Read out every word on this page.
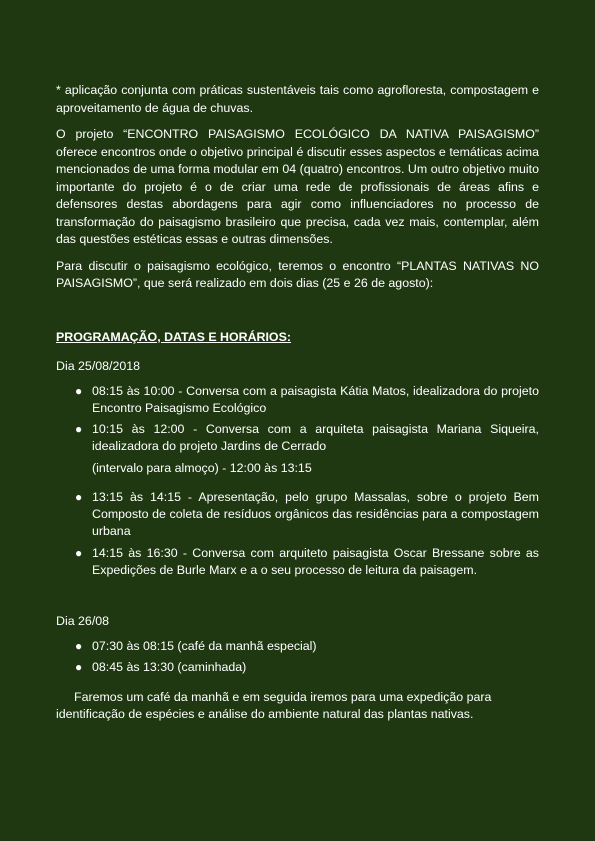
* aplicação conjunta com práticas sustentáveis tais como agrofloresta, compostagem e aproveitamento de água de chuvas.

O projeto “ENCONTRO PAISAGISMO ECOLÓGICO DA NATIVA PAISAGISMO” oferece encontros onde o objetivo principal é discutir esses aspectos e temáticas acima mencionados de uma forma modular em 04 (quatro) encontros. Um outro objetivo muito importante do projeto é o de criar uma rede de profissionais de áreas afins e defensores destas abordagens para agir como influenciadores no processo de transformação do paisagismo brasileiro que precisa, cada vez mais, contemplar, além das questões estéticas essas e outras dimensões.

Para discutir o paisagismo ecológico, teremos o encontro “PLANTAS NATIVAS NO PAISAGISMO”, que será realizado em dois dias (25 e 26 de agosto):

PROGRAMAÇÃO, DATAS E HORÁRIOS:
Dia 25/08/2018
● 08:15 às 10:00 - Conversa com a paisagista Kátia Matos, idealizadora do projeto Encontro Paisagismo Ecológico
● 10:15 às 12:00 - Conversa com a arquiteta paisagista Mariana Siqueira, idealizadora do projeto Jardins de Cerrado
(intervalo para almoço) - 12:00 às 13:15
● 13:15 às 14:15 - Apresentação, pelo grupo Massalas, sobre o projeto Bem Composto de coleta de resíduos orgânicos das residências para a compostagem urbana
● 14:15 às 16:30 - Conversa com arquiteto paisagista Oscar Bressane sobre as Expedições de Burle Marx e a o seu processo de leitura da paisagem.
Dia 26/08
● 07:30 às 08:15 (café da manhã especial)
● 08:45 às 13:30 (caminhada)

Faremos um café da manhã e em seguida iremos para uma expedição para identificação de espécies e análise do ambiente natural das plantas nativas.
